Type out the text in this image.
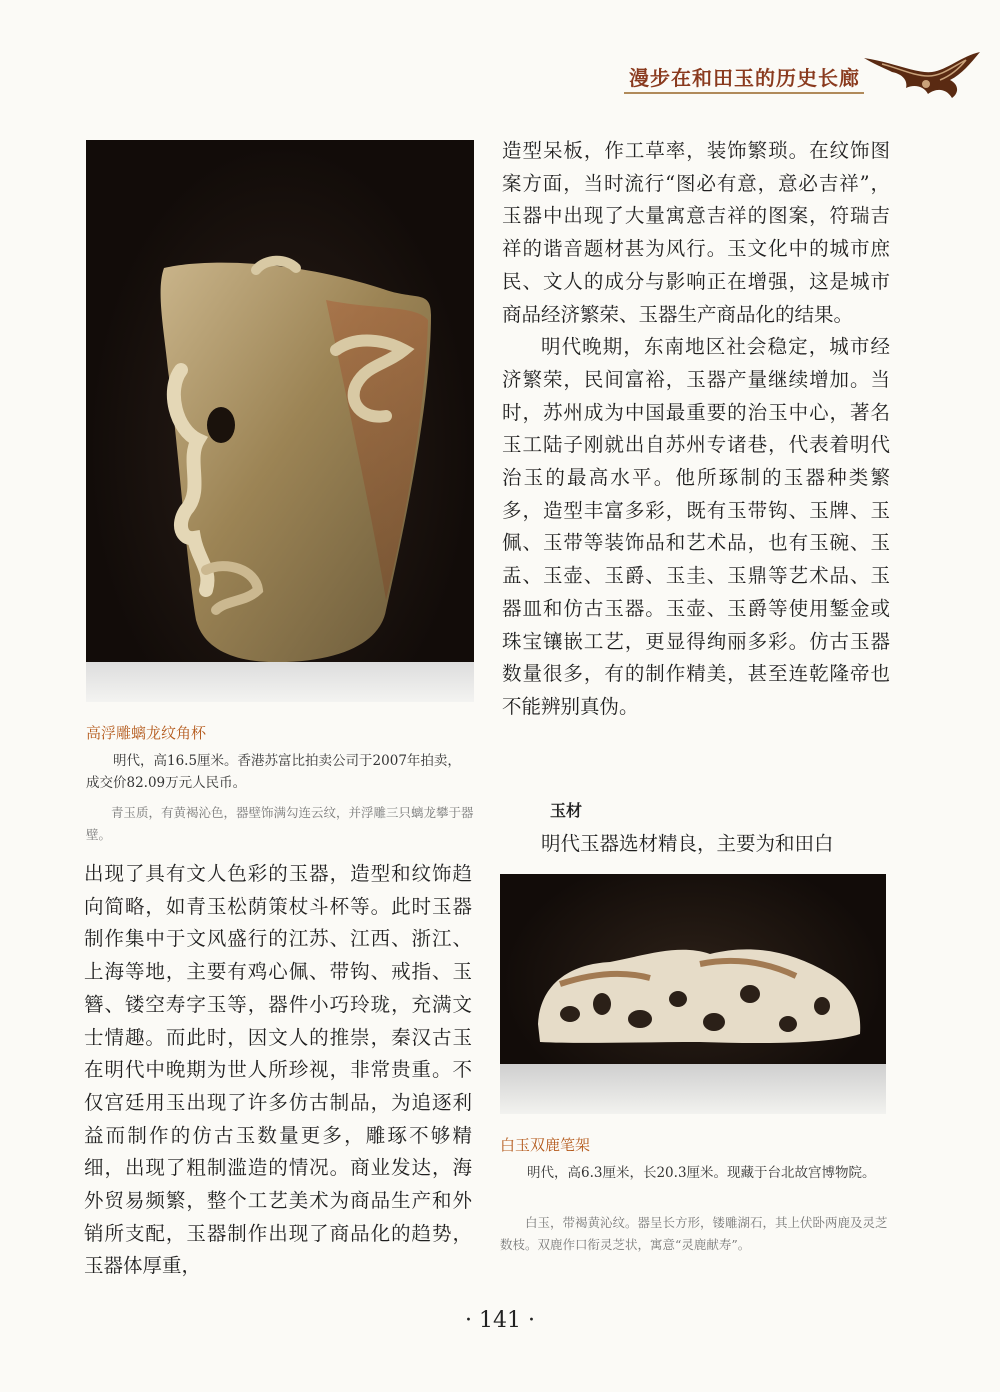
漫步在和田玉的历史长廊
高浮雕螭龙纹角杯
明代，高16.5厘米。香港苏富比拍卖公司于2007年拍卖，成交价82.09万元人民币。
青玉质，有黄褐沁色，器壁饰满勾连云纹，并浮雕三只螭龙攀于器壁。

造型呆板，作工草率，装饰繁琐。在纹饰图案方面，当时流行“图必有意，意必吉祥”，玉器中出现了大量寓意吉祥的图案，符瑞吉祥的谐音题材甚为风行。玉文化中的城市庶民、文人的成分与影响正在增强，这是城市商品经济繁荣、玉器生产商品化的结果。

明代晚期，东南地区社会稳定，城市经济繁荣，民间富裕，玉器产量继续增加。当时，苏州成为中国最重要的治玉中心，著名玉工陆子刚就出自苏州专诸巷，代表着明代治玉的最高水平。他所琢制的玉器种类繁多，造型丰富多彩，既有玉带钩、玉牌、玉佩、玉带等装饰品和艺术品，也有玉碗、玉盂、玉壶、玉爵、玉圭、玉鼎等艺术品、玉器皿和仿古玉器。玉壶、玉爵等使用錾金或珠宝镶嵌工艺，更显得绚丽多彩。仿古玉器数量很多，有的制作精美，甚至连乾隆帝也不能辨别真伪。

玉材
明代玉器选材精良，主要为和田白
白玉双鹿笔架
明代，高6.3厘米，长20.3厘米。现藏于台北故宫博物院。
白玉，带褐黄沁纹。器呈长方形，镂雕湖石，其上伏卧两鹿及灵芝数枝。双鹿作口衔灵芝状，寓意“灵鹿献寿”。
出现了具有文人色彩的玉器，造型和纹饰趋向简略，如青玉松荫策杖斗杯等。此时玉器制作集中于文风盛行的江苏、江西、浙江、上海等地，主要有鸡心佩、带钩、戒指、玉簪、镂空寿字玉等，器件小巧玲珑，充满文士情趣。而此时，因文人的推崇，秦汉古玉在明代中晚期为世人所珍视，非常贵重。不仅宫廷用玉出现了许多仿古制品，为追逐利益而制作的仿古玉数量更多，雕琢不够精细，出现了粗制滥造的情况。商业发达，海外贸易频繁，整个工艺美术为商品生产和外销所支配，玉器制作出现了商品化的趋势，玉器体厚重，
· 141 ·
